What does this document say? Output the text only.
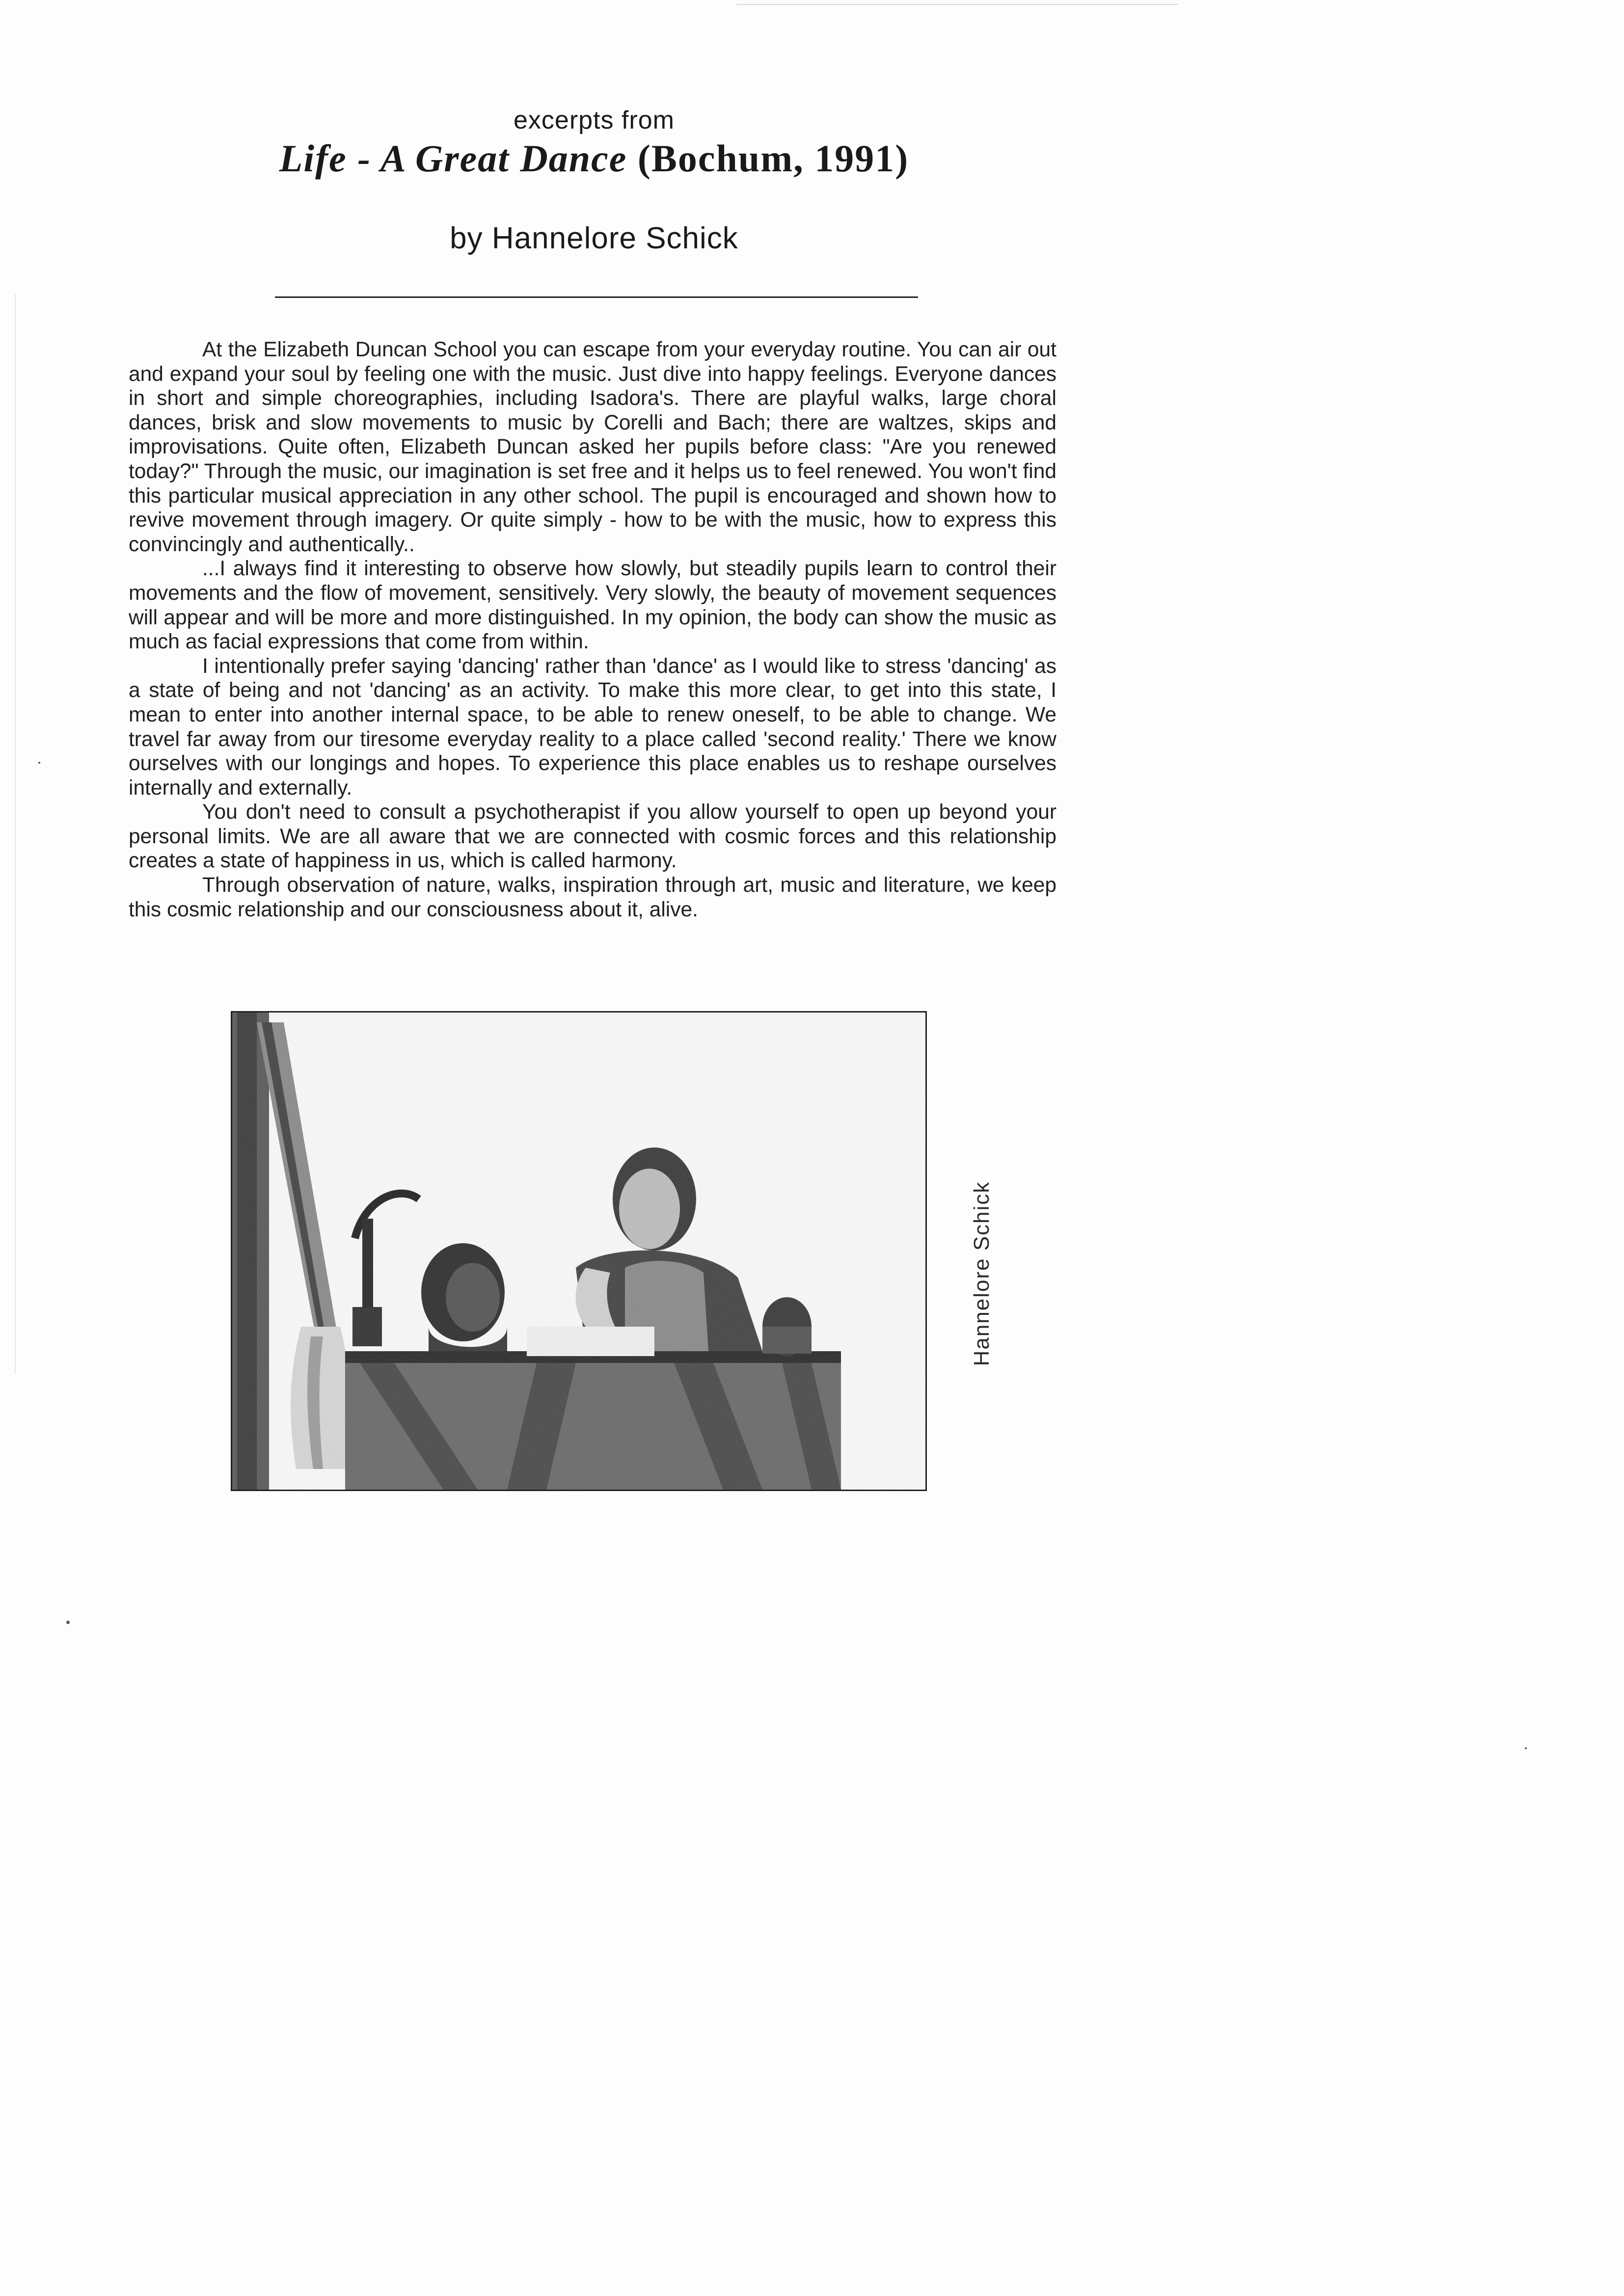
excerpts from
Life - A Great Dance (Bochum, 1991)
by Hannelore Schick

At the Elizabeth Duncan School you can escape from your everyday routine. You can air out and expand your soul by feeling one with the music. Just dive into happy feelings. Everyone dances in short and simple choreographies, including Isadora's. There are playful walks, large choral dances, brisk and slow movements to music by Corelli and Bach; there are waltzes, skips and improvisations. Quite often, Elizabeth Duncan asked her pupils before class: "Are you renewed today?" Through the music, our imagination is set free and it helps us to feel renewed. You won't find this particular musical appreciation in any other school. The pupil is encouraged and shown how to revive movement through imagery. Or quite simply - how to be with the music, how to express this convincingly and authentically..

...I always find it interesting to observe how slowly, but steadily pupils learn to control their movements and the flow of movement, sensitively. Very slowly, the beauty of movement sequences will appear and will be more and more distinguished. In my opinion, the body can show the music as much as facial expressions that come from within.

I intentionally prefer saying 'dancing' rather than 'dance' as I would like to stress 'dancing' as a state of being and not 'dancing' as an activity. To make this more clear, to get into this state, I mean to enter into another internal space, to be able to renew oneself, to be able to change. We travel far away from our tiresome everyday reality to a place called 'second reality.' There we know ourselves with our longings and hopes. To experience this place enables us to reshape ourselves internally and externally.

You don't need to consult a psychotherapist if you allow yourself to open up beyond your personal limits. We are all aware that we are connected with cosmic forces and this relationship creates a state of happiness in us, which is called harmony.

Through observation of nature, walks, inspiration through art, music and literature, we keep this cosmic relationship and our consciousness about it, alive.

Hannelore Schick
